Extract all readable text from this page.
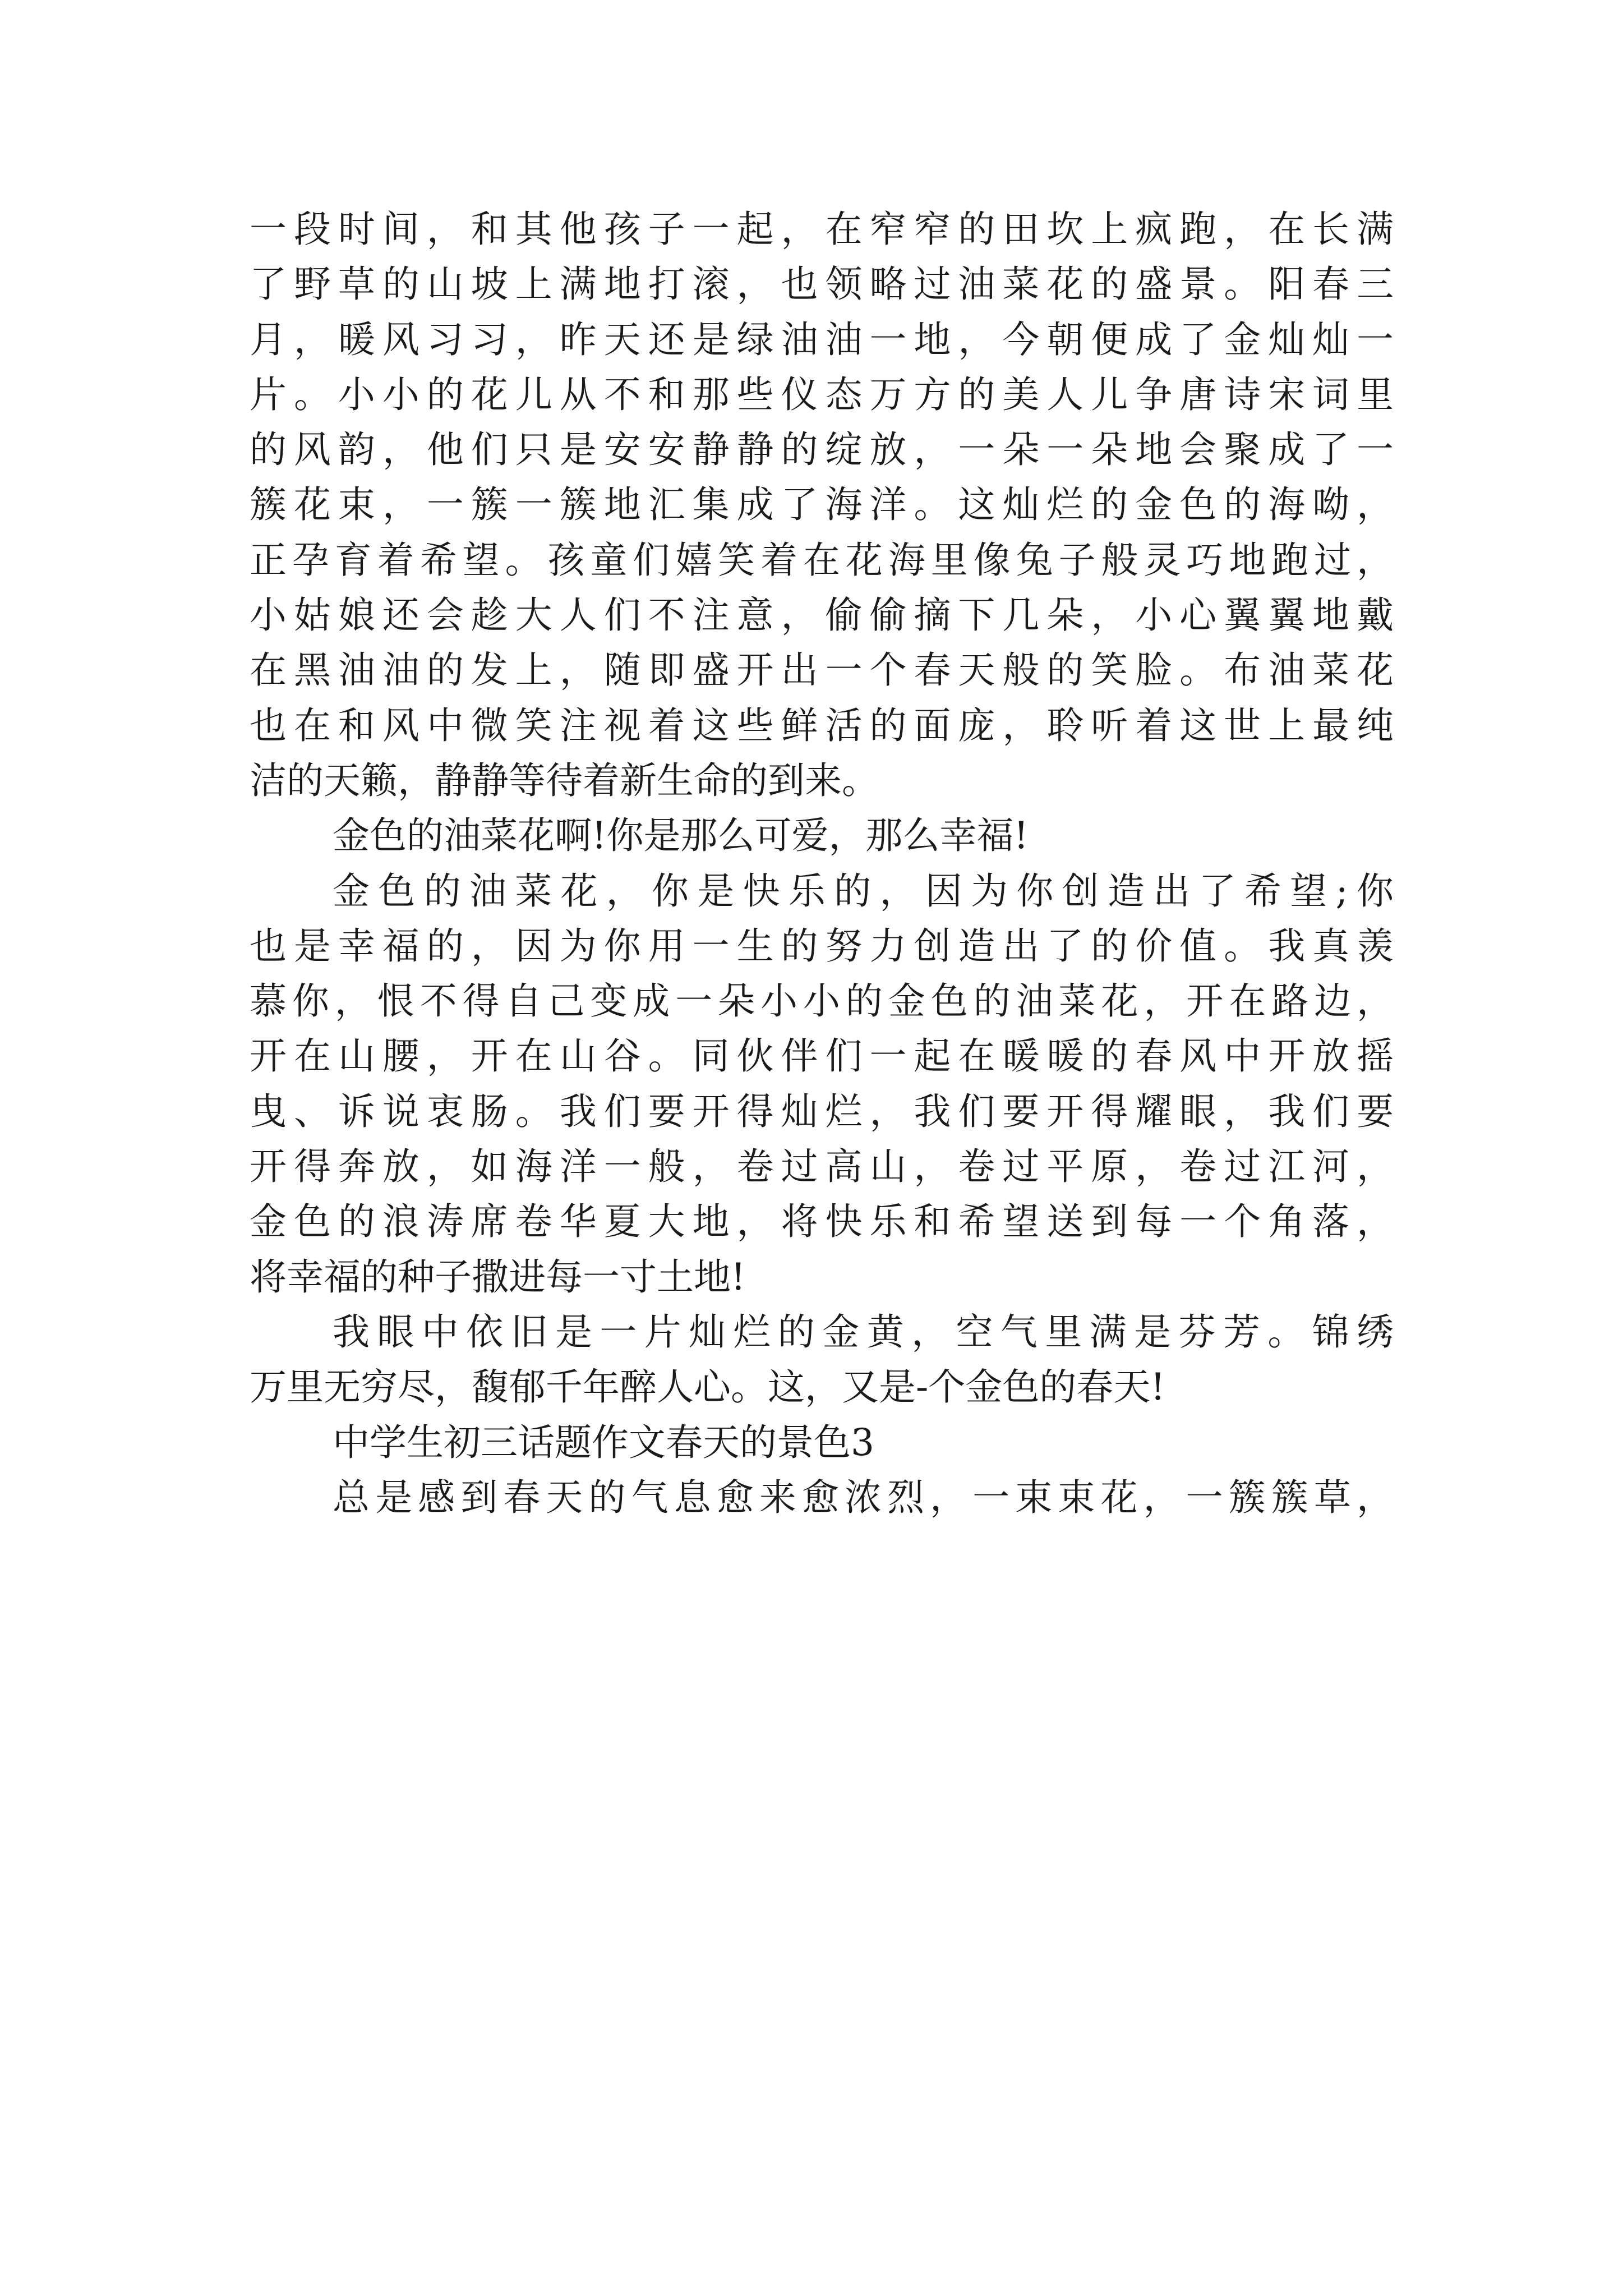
一段时间，和其他孩子一起，在窄窄的田坎上疯跑，在长满
了野草的山坡上满地打滚，也领略过油菜花的盛景。阳春三
月，暖风习习，昨天还是绿油油一地，今朝便成了金灿灿一
片。小小的花儿从不和那些仪态万方的美人儿争唐诗宋词里
的风韵，他们只是安安静静的绽放，一朵一朵地会聚成了一
簇花束，一簇一簇地汇集成了海洋。这灿烂的金色的海呦，
正孕育着希望。孩童们嬉笑着在花海里像兔子般灵巧地跑过，
小姑娘还会趁大人们不注意，偷偷摘下几朵，小心翼翼地戴
在黑油油的发上，随即盛开出一个春天般的笑脸。布油菜花
也在和风中微笑注视着这些鲜活的面庞，聆听着这世上最纯
洁的天籁，静静等待着新生命的到来。
金色的油菜花啊!你是那么可爱，那么幸福!
金色的油菜花，你是快乐的，因为你创造出了希望;你
也是幸福的，因为你用一生的努力创造出了的价值。我真羡
慕你，恨不得自己变成一朵小小的金色的油菜花，开在路边，
开在山腰，开在山谷。同伙伴们一起在暖暖的春风中开放摇
曳、诉说衷肠。我们要开得灿烂，我们要开得耀眼，我们要
开得奔放，如海洋一般，卷过高山，卷过平原，卷过江河，
金色的浪涛席卷华夏大地，将快乐和希望送到每一个角落，
将幸福的种子撒进每一寸土地!
我眼中依旧是一片灿烂的金黄，空气里满是芬芳。锦绣
万里无穷尽，馥郁千年醉人心。这，又是-个金色的春天!
中学生初三话题作文春天的景色3
总是感到春天的气息愈来愈浓烈，一束束花，一簇簇草，
